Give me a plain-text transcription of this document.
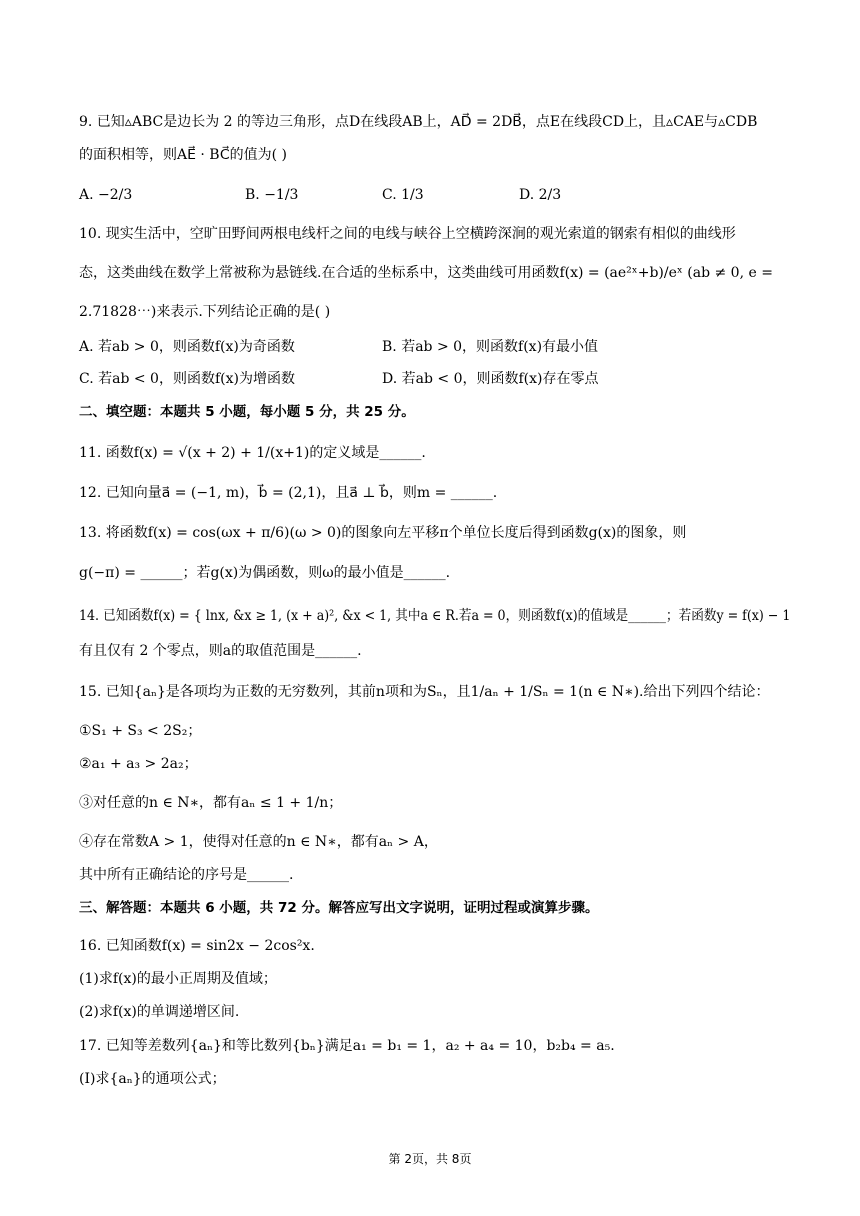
9. 已知▵ABC是边长为 2 的等边三角形，点D在线段AB上，AD⃗ = 2DB⃗，点E在线段CD上，且▵CAE与▵CDB
的面积相等，则AE⃗ · BC⃗的值为( )
A. −2/3	B. −1/3	C. 1/3	D. 2/3
10. 现实生活中，空旷田野间两根电线杆之间的电线与峡谷上空横跨深涧的观光索道的钢索有相似的曲线形
态，这类曲线在数学上常被称为悬链线.在合适的坐标系中，这类曲线可用函数f(x) = (ae²ˣ+b)/eˣ (ab ≠ 0, e =
2.71828⋯)来表示.下列结论正确的是( )
A. 若ab > 0，则函数f(x)为奇函数	B. 若ab > 0，则函数f(x)有最小值
C. 若ab < 0，则函数f(x)为增函数	D. 若ab < 0，则函数f(x)存在零点
二、填空题：本题共 5 小题，每小题 5 分，共 25 分。
11. 函数f(x) = √(x + 2) + 1/(x+1)的定义域是______.
12. 已知向量a⃗ = (−1, m)，b⃗ = (2,1)，且a⃗ ⊥ b⃗，则m = ______.
13. 将函数f(x) = cos(ωx + π/6)(ω > 0)的图象向左平移π个单位长度后得到函数g(x)的图象，则
g(−π) = ______；若g(x)为偶函数，则ω的最小值是______.
14. 已知函数f(x) = { lnx, &x ≥ 1, (x + a)², &x < 1, 其中a ∈ R.若a = 0，则函数f(x)的值域是______；若函数y = f(x) − 1
有且仅有 2 个零点，则a的取值范围是______.
15. 已知{aₙ}是各项均为正数的无穷数列，其前n项和为Sₙ，且1/aₙ + 1/Sₙ = 1(n ∈ N∗).给出下列四个结论：
①S₁ + S₃ < 2S₂；
②a₁ + a₃ > 2a₂；
③对任意的n ∈ N∗，都有aₙ ≤ 1 + 1/n；
④存在常数A > 1，使得对任意的n ∈ N∗，都有aₙ > A，
其中所有正确结论的序号是______.
三、解答题：本题共 6 小题，共 72 分。解答应写出文字说明，证明过程或演算步骤。
16. 已知函数f(x) = sin2x − 2cos²x.
(1)求f(x)的最小正周期及值域；
(2)求f(x)的单调递增区间.
17. 已知等差数列{aₙ}和等比数列{bₙ}满足a₁ = b₁ = 1，a₂ + a₄ = 10，b₂b₄ = a₅.
(I)求{aₙ}的通项公式；
第 2页，共 8页
